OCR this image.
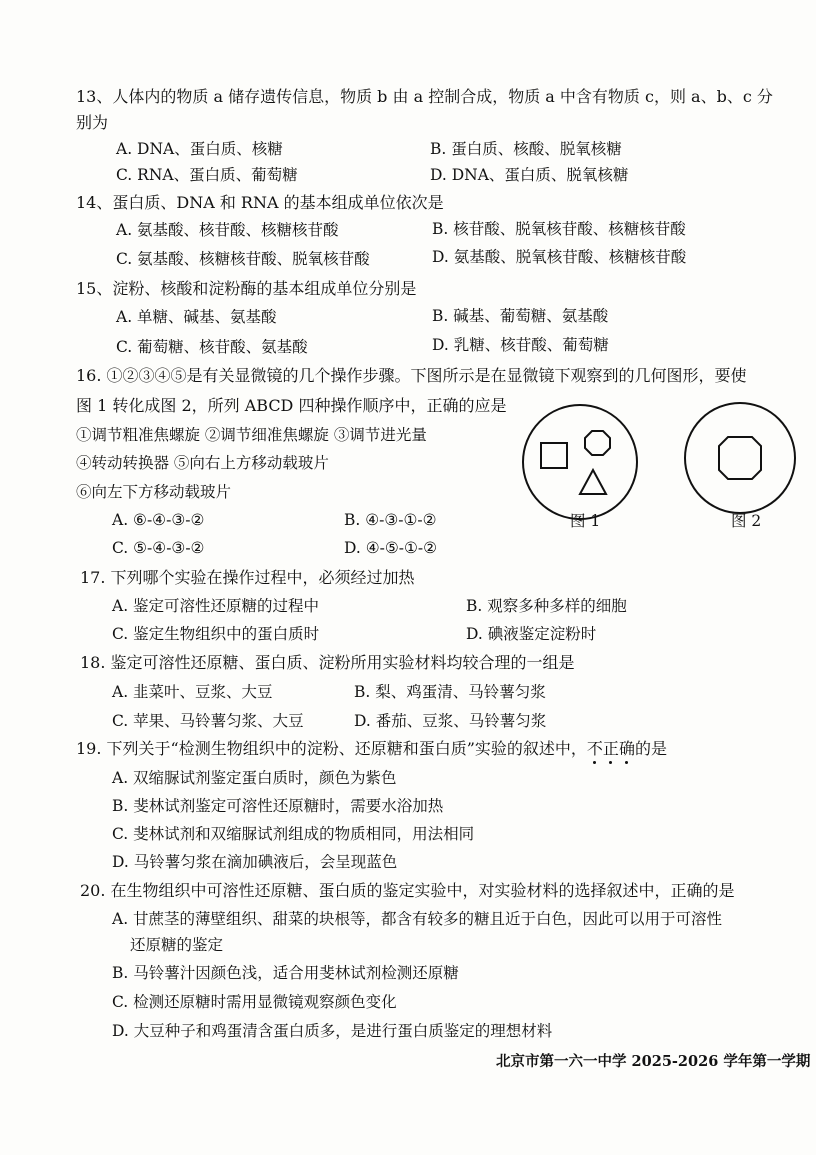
13、人体内的物质 a 储存遗传信息，物质 b 由 a 控制合成，物质 a 中含有物质 c，则 a、b、c 分
别为
A. DNA、蛋白质、核糖	B. 蛋白质、核酸、脱氧核糖
C. RNA、蛋白质、葡萄糖	D. DNA、蛋白质、脱氧核糖
14、蛋白质、DNA 和 RNA 的基本组成单位依次是
A. 氨基酸、核苷酸、核糖核苷酸	B. 核苷酸、脱氧核苷酸、核糖核苷酸
C. 氨基酸、核糖核苷酸、脱氧核苷酸	D. 氨基酸、脱氧核苷酸、核糖核苷酸
15、淀粉、核酸和淀粉酶的基本组成单位分别是
A. 单糖、碱基、氨基酸	B. 碱基、葡萄糖、氨基酸
C. 葡萄糖、核苷酸、氨基酸	D. 乳糖、核苷酸、葡萄糖
16. ①②③④⑤是有关显微镜的几个操作步骤。下图所示是在显微镜下观察到的几何图形，要使
图 1 转化成图 2，所列 ABCD 四种操作顺序中，正确的应是
①调节粗准焦螺旋 ②调节细准焦螺旋 ③调节进光量
④转动转换器 ⑤向右上方移动载玻片
⑥向左下方移动载玻片
A. ⑥-④-③-②	B. ④-③-①-②
C. ⑤-④-③-②	D. ④-⑤-①-②
图 1	图 2
17. 下列哪个实验在操作过程中，必须经过加热
A. 鉴定可溶性还原糖的过程中	B. 观察多种多样的细胞
C. 鉴定生物组织中的蛋白质时	D. 碘液鉴定淀粉时
18. 鉴定可溶性还原糖、蛋白质、淀粉所用实验材料均较合理的一组是
A. 韭菜叶、豆浆、大豆	B. 梨、鸡蛋清、马铃薯匀浆
C. 苹果、马铃薯匀浆、大豆	D. 番茄、豆浆、马铃薯匀浆
19. 下列关于“检测生物组织中的淀粉、还原糖和蛋白质”实验的叙述中，不正确的是
A. 双缩脲试剂鉴定蛋白质时，颜色为紫色
B. 斐林试剂鉴定可溶性还原糖时，需要水浴加热
C. 斐林试剂和双缩脲试剂组成的物质相同，用法相同
D. 马铃薯匀浆在滴加碘液后，会呈现蓝色
20. 在生物组织中可溶性还原糖、蛋白质的鉴定实验中，对实验材料的选择叙述中，正确的是
A. 甘蔗茎的薄壁组织、甜菜的块根等，都含有较多的糖且近于白色，因此可以用于可溶性
还原糖的鉴定
B. 马铃薯汁因颜色浅，适合用斐林试剂检测还原糖
C. 检测还原糖时需用显微镜观察颜色变化
D. 大豆种子和鸡蛋清含蛋白质多，是进行蛋白质鉴定的理想材料
北京市第一六一中学 2025-2026 学年第一学期
